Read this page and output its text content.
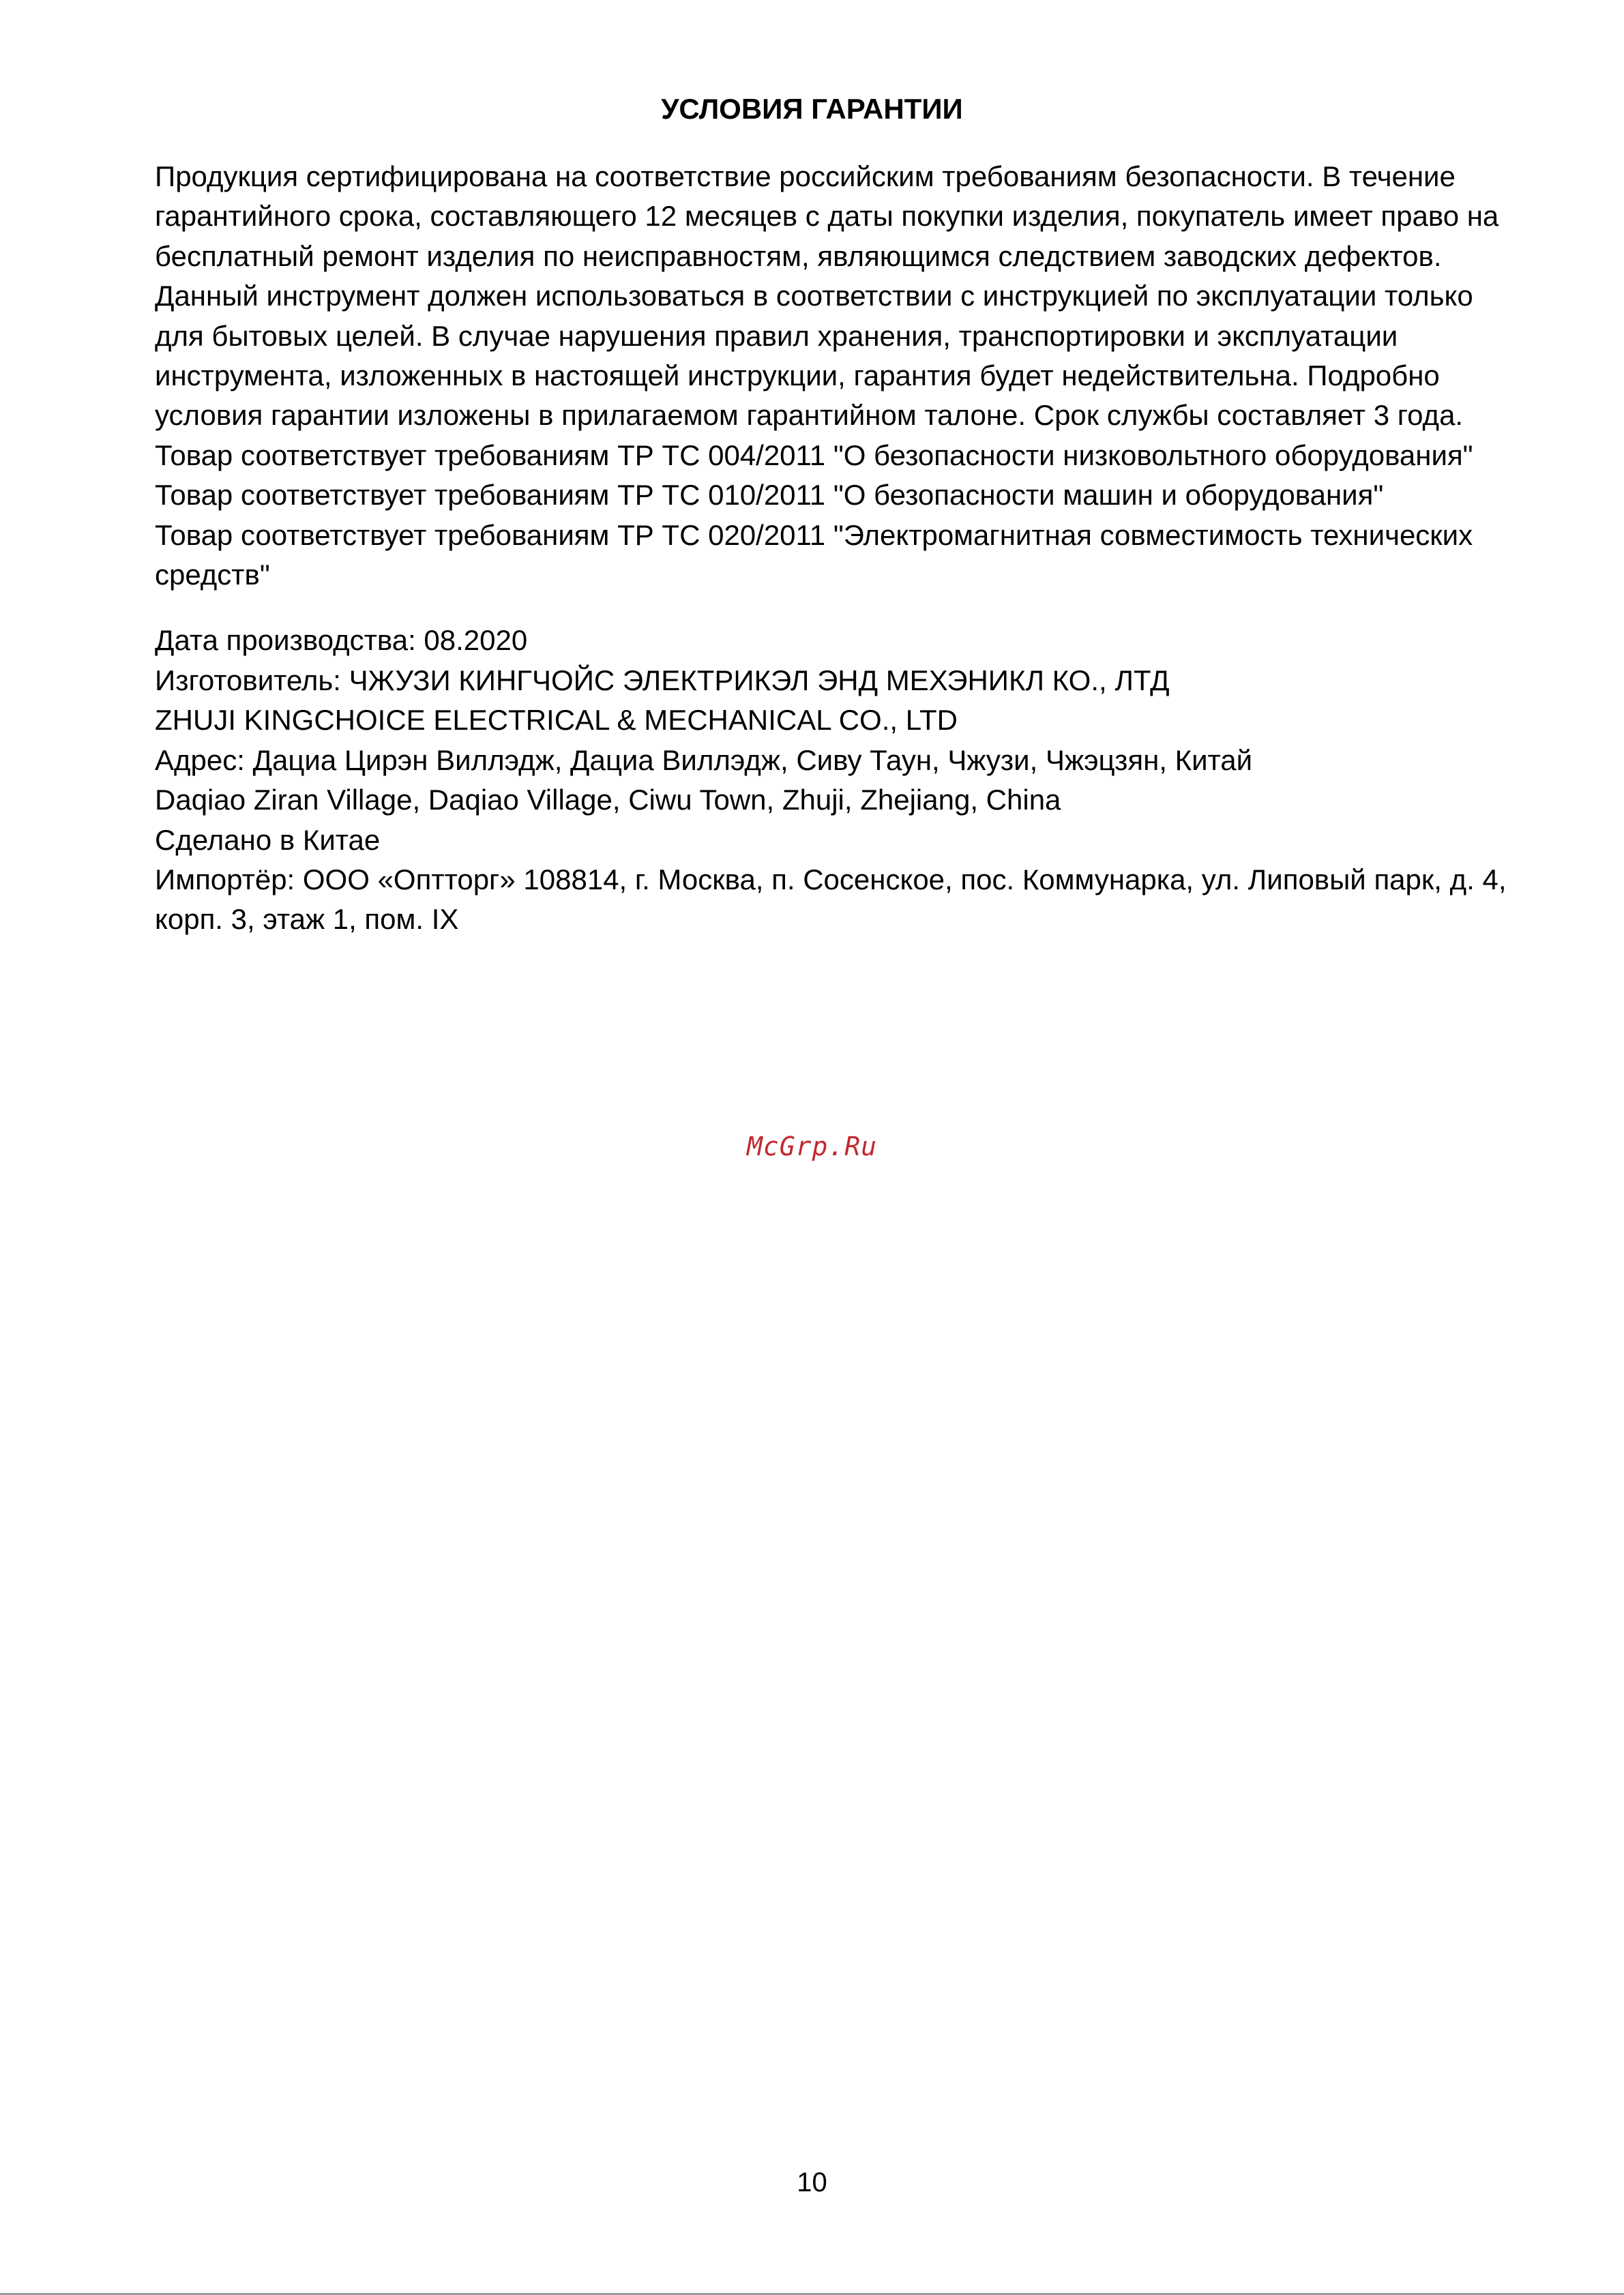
УСЛОВИЯ ГАРАНТИИ

Продукция сертифицирована на соответствие российским требованиям безопасности. В течение гарантийного срока, составляющего 12 месяцев с даты покупки изделия, покупатель имеет право на бесплатный ремонт изделия по неисправностям, являющимся следствием заводских дефектов. Данный инструмент должен использоваться в соответствии с инструкцией по эксплуатации только для бытовых целей. В случае нарушения правил хранения, транспортировки и эксплуатации инструмента, изложенных в настоящей инструкции, гарантия будет недействительна. Подробно условия гарантии изложены в прилагаемом гарантийном талоне. Срок службы составляет 3 года.

Товар соответствует требованиям ТР ТС 004/2011 "О безопасности низковольтного оборудования"

Товар соответствует требованиям ТР ТС 010/2011 "О безопасности машин и оборудования"

Товар соответствует требованиям ТР ТС 020/2011 "Электромагнитная совместимость технических средств"

Дата производства: 08.2020

Изготовитель: ЧЖУЗИ КИНГЧОЙС ЭЛЕКТРИКЭЛ ЭНД МЕХЭНИКЛ КО., ЛТД

ZHUJI KINGCHOICE ELECTRICAL & MECHANICAL CO., LTD

Адрес: Дациа Цирэн Виллэдж, Дациа Виллэдж, Сиву Таун, Чжузи, Чжэцзян, Китай

Daqiao Ziran Village, Daqiao Village, Ciwu Town, Zhuji, Zhejiang, China

Сделано в Китае

Импортёр: ООО «Оптторг» 108814, г. Москва, п. Сосенское, пос. Коммунарка, ул. Липовый парк, д. 4, корп. 3, этаж 1, пом. IX

McGrp.Ru
10
